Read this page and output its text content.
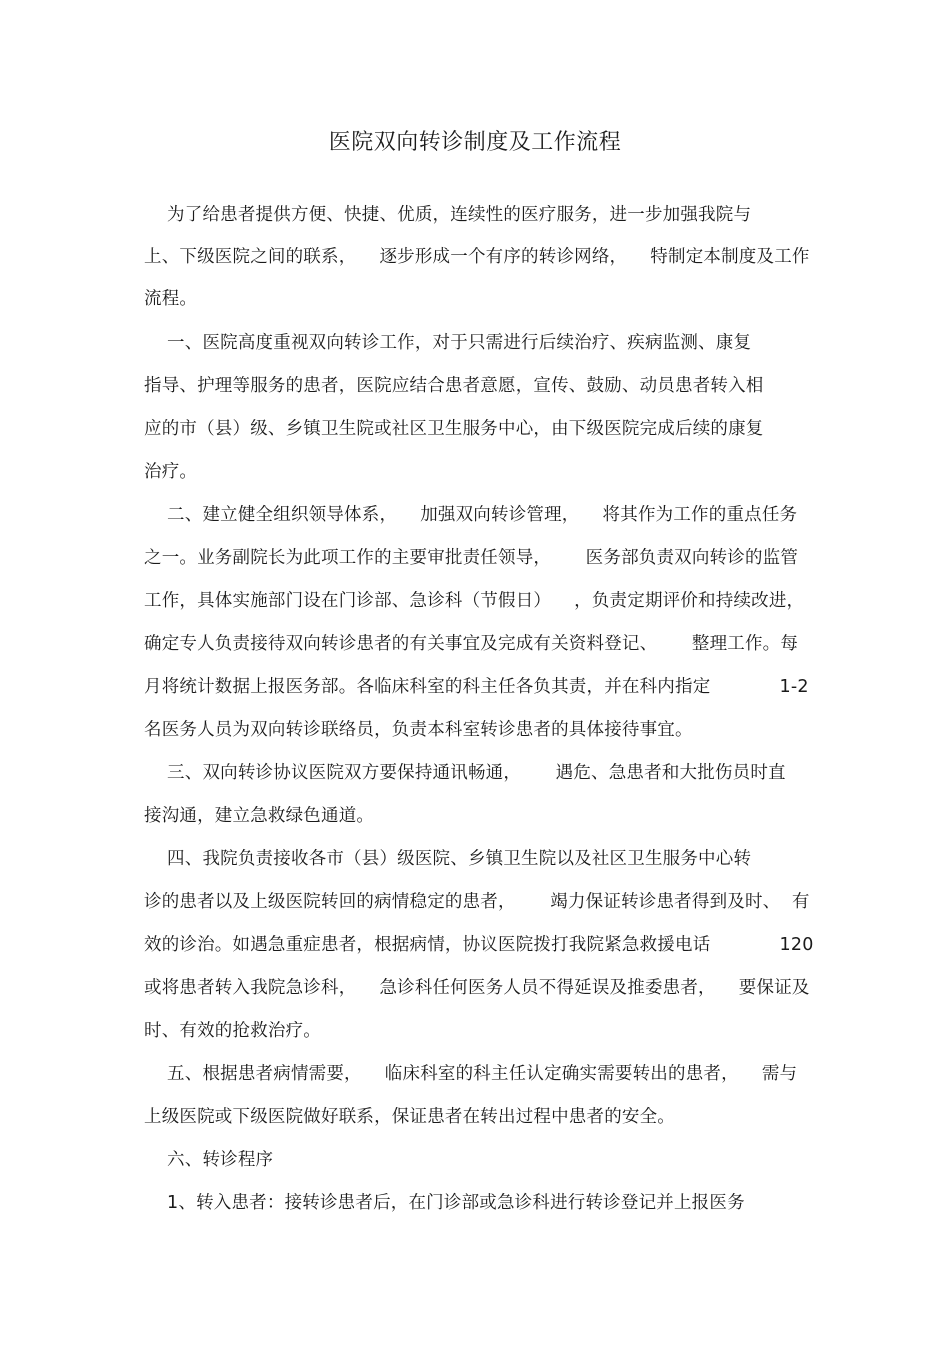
医院双向转诊制度及工作流程
为了给患者提供方便、快捷、优质，连续性的医疗服务，进一步加强我院与
上、下级医院之间的联系，    逐步形成一个有序的转诊网络，    特制定本制度及工作
流程。
一、医院高度重视双向转诊工作，对于只需进行后续治疗、疾病监测、康复
指导、护理等服务的患者，医院应结合患者意愿，宣传、鼓励、动员患者转入相
应的市（县）级、乡镇卫生院或社区卫生服务中心，由下级医院完成后续的康复
治疗。
二、建立健全组织领导体系，    加强双向转诊管理，    将其作为工作的重点任务
之一。业务副院长为此项工作的主要审批责任领导，      医务部负责双向转诊的监管
工作，具体实施部门设在门诊部、急诊科（节假日）    ，负责定期评价和持续改进，
确定专人负责接待双向转诊患者的有关事宜及完成有关资料登记、      整理工作。每
月将统计数据上报医务部。各临床科室的科主任各负其责，并在科内指定            1-2
名医务人员为双向转诊联络员，负责本科室转诊患者的具体接待事宜。
三、双向转诊协议医院双方要保持通讯畅通，      遇危、急患者和大批伤员时直
接沟通，建立急救绿色通道。
四、我院负责接收各市（县）级医院、乡镇卫生院以及社区卫生服务中心转
诊的患者以及上级医院转回的病情稳定的患者，      竭力保证转诊患者得到及时、  有
效的诊治。如遇急重症患者，根据病情，协议医院拨打我院紧急救援电话            120
或将患者转入我院急诊科，    急诊科任何医务人员不得延误及推委患者，    要保证及
时、有效的抢救治疗。
五、根据患者病情需要，    临床科室的科主任认定确实需要转出的患者，    需与
上级医院或下级医院做好联系，保证患者在转出过程中患者的安全。
六、转诊程序
1、转入患者：接转诊患者后，在门诊部或急诊科进行转诊登记并上报医务
